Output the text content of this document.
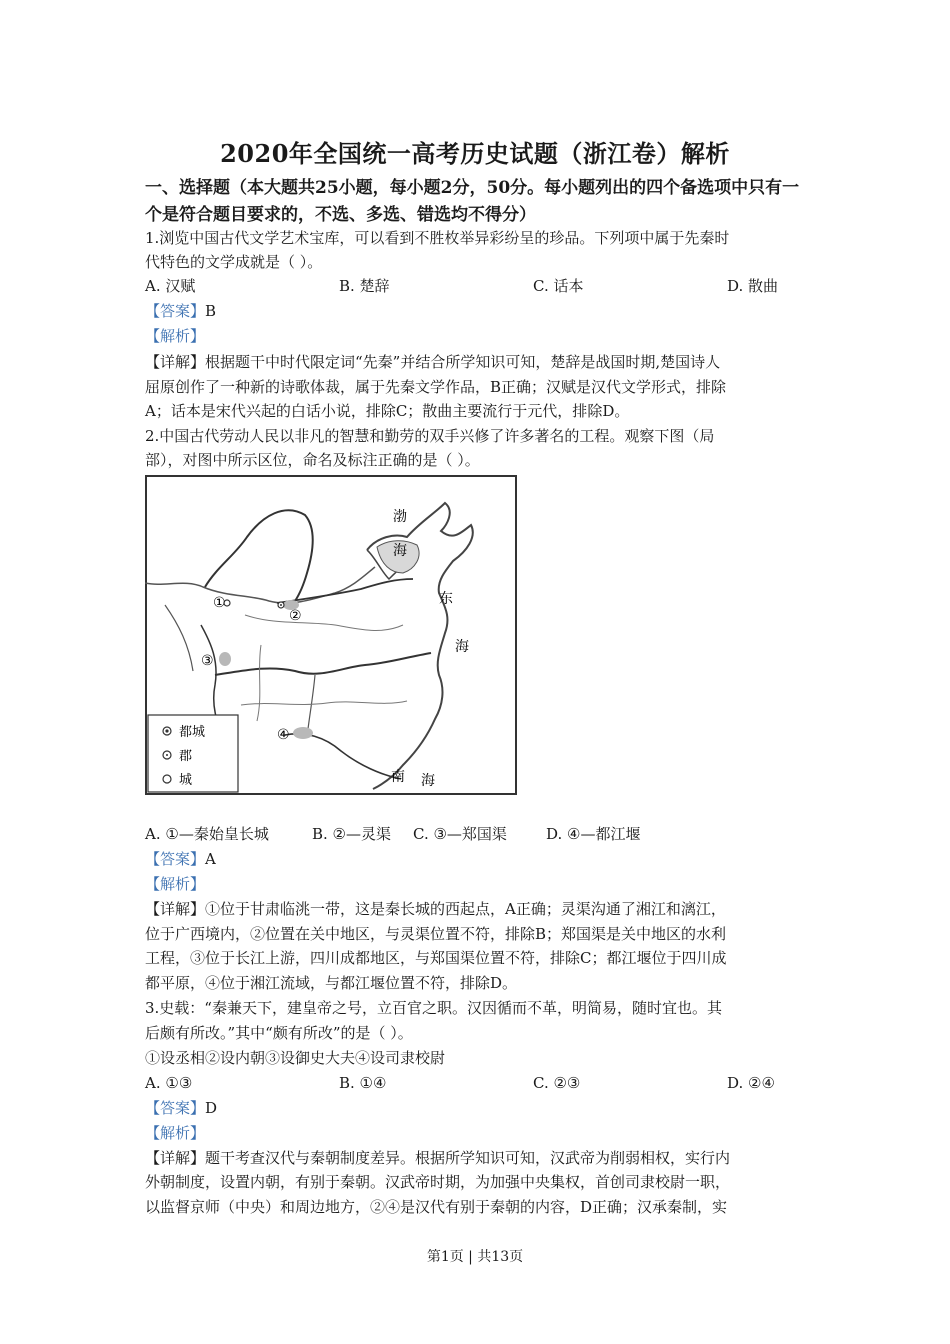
2020年全国统一高考历史试题（浙江卷）解析
一、选择题（本大题共25小题，每小题2分，50分。每小题列出的四个备选项中只有一个是符合题目要求的，不选、多选、错选均不得分）
1.浏览中国古代文学艺术宝库，可以看到不胜枚举异彩纷呈的珍品。下列项中属于先秦时
代特色的文学成就是（ ）。
A. 汉赋	B. 楚辞	C. 话本	D. 散曲
【答案】B
【解析】
【详解】根据题干中时代限定词“先秦”并结合所学知识可知，楚辞是战国时期,楚国诗人
屈原创作了一种新的诗歌体裁，属于先秦文学作品，B正确；汉赋是汉代文学形式，排除
A；话本是宋代兴起的白话小说，排除C；散曲主要流行于元代，排除D。
2.中国古代劳动人民以非凡的智慧和勤劳的双手兴修了许多著名的工程。观察下图（局
部），对图中所示区位，命名及标注正确的是（ ）。
①
②
③
④
渤
海
东
海
南 海
都城
郡
城
A. ①—秦始皇长城	B. ②—灵渠 C. ③—郑国渠	D. ④—都江堰
【答案】A
【解析】
【详解】①位于甘肃临洮一带，这是秦长城的西起点，A正确；灵渠沟通了湘江和漓江，
位于广西境内，②位置在关中地区，与灵渠位置不符，排除B；郑国渠是关中地区的水利
工程，③位于长江上游，四川成都地区，与郑国渠位置不符，排除C；都江堰位于四川成
都平原，④位于湘江流域，与都江堰位置不符，排除D。
3.史载：“秦兼天下，建皇帝之号，立百官之职。汉因循而不革，明简易，随时宜也。其
后颇有所改。”其中“颇有所改”的是（ ）。
①设丞相②设内朝③设御史大夫④设司隶校尉
A. ①③	B. ①④	C. ②③	D. ②④
【答案】D
【解析】
【详解】题干考查汉代与秦朝制度差异。根据所学知识可知，汉武帝为削弱相权，实行内
外朝制度，设置内朝，有别于秦朝。汉武帝时期，为加强中央集权，首创司隶校尉一职，
以监督京师（中央）和周边地方，②④是汉代有别于秦朝的内容，D正确；汉承秦制，实
第1页 | 共13页
